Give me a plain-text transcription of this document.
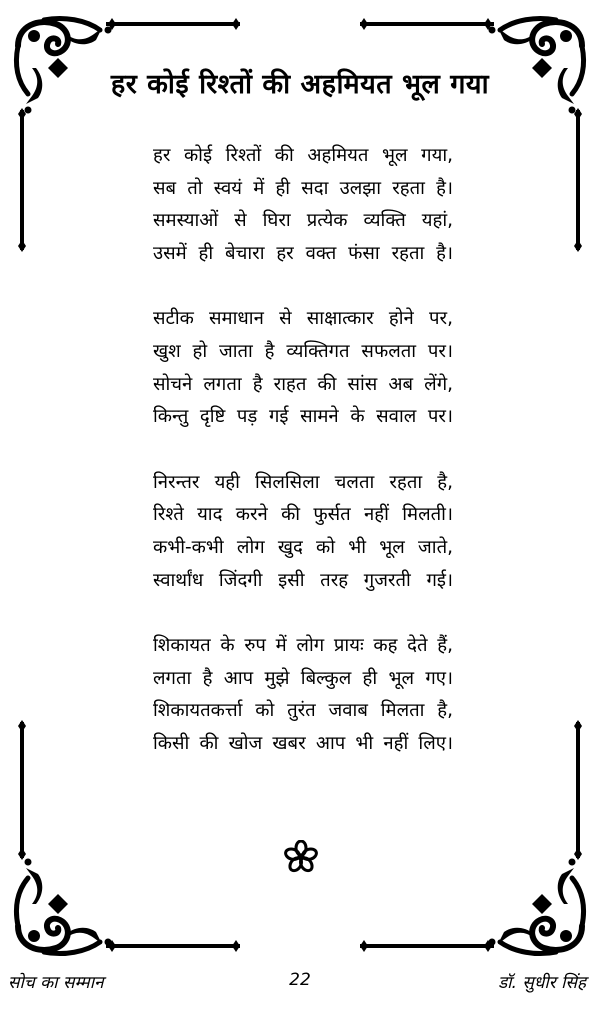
हर कोई रिश्तों की अहमियत भूल गया
हर कोई रिश्तों की अहमियत भूल गया,
सब तो स्वयं में ही सदा उलझा रहता है।
समस्याओं से घिरा प्रत्येक व्यक्ति यहां,
उसमें ही बेचारा हर वक्त फंसा रहता है।
सटीक समाधान से साक्षात्कार होने पर,
खुश हो जाता है व्यक्तिगत सफलता पर।
सोचने लगता है राहत की सांस अब लेंगे,
किन्तु दृष्टि पड़ गई सामने के सवाल पर।
निरन्तर यही सिलसिला चलता रहता है,
रिश्ते याद करने की फुर्सत नहीं मिलती।
कभी-कभी लोग खुद को भी भूल जाते,
स्वार्थांध जिंदगी इसी तरह गुजरती गई।
शिकायत के रुप में लोग प्रायः कह देते हैं,
लगता है आप मुझे बिल्कुल ही भूल गए।
शिकायतकर्त्ता को तुरंत जवाब मिलता है,
किसी की खोज खबर आप भी नहीं लिए।
सोच का सम्मान	22	डॉ. सुधीर सिंह
